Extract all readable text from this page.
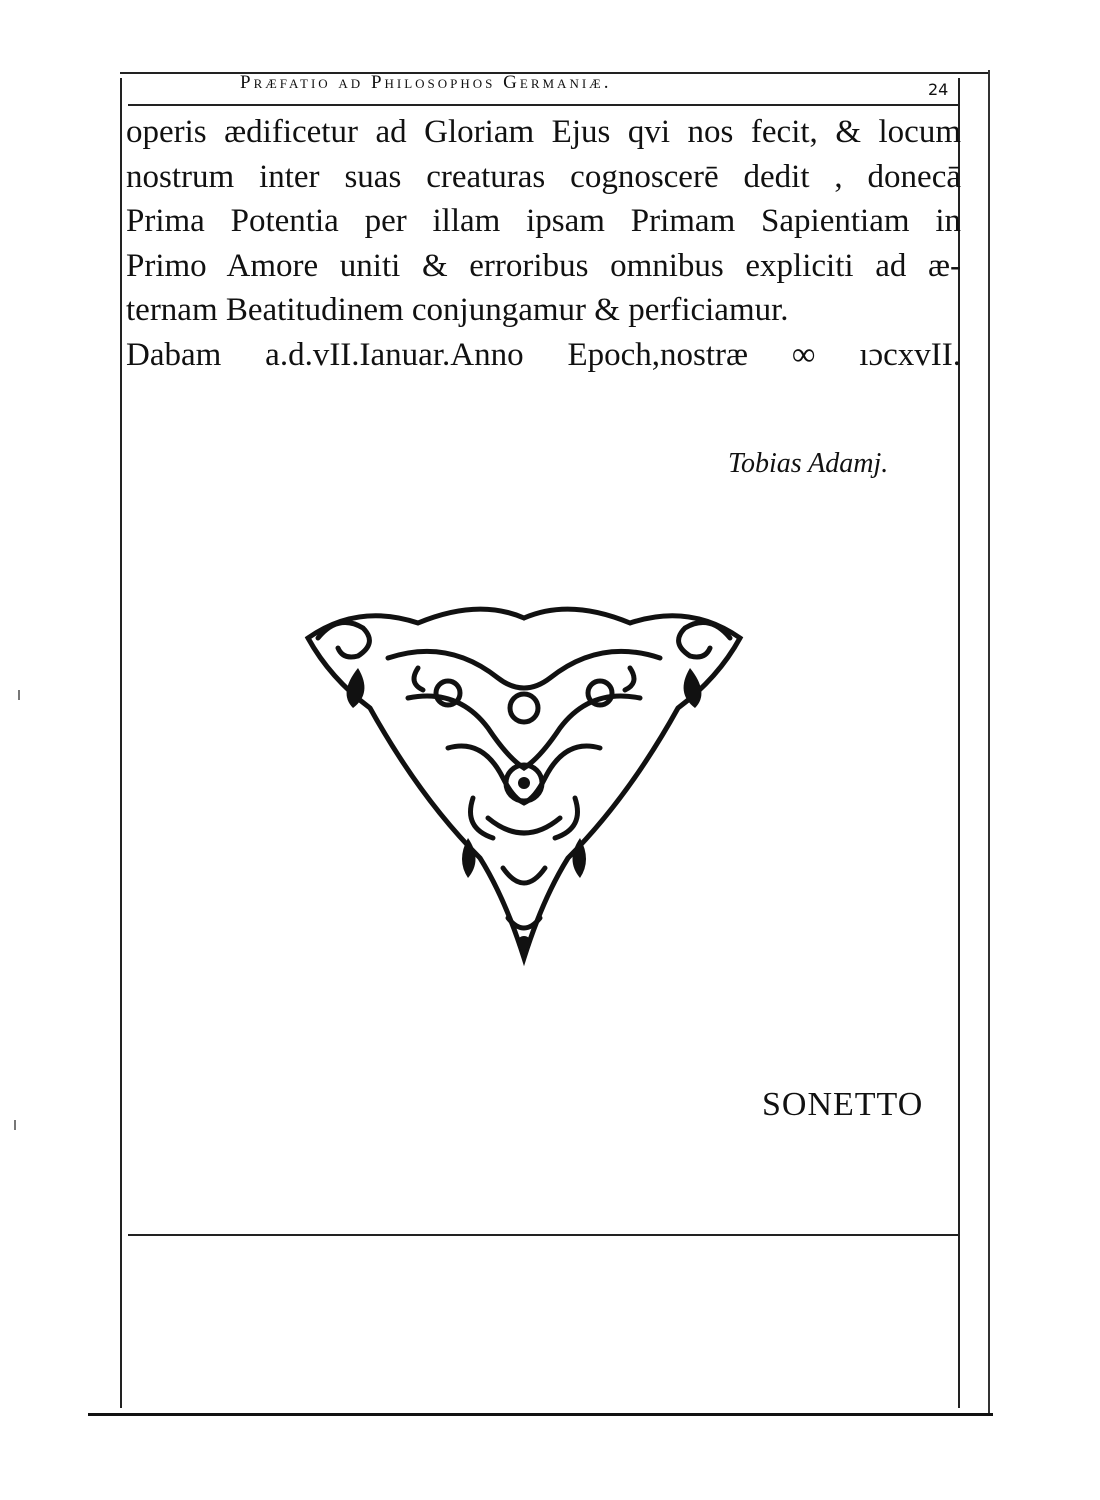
Præfatio ad Philosophos Germaniæ.	24
operis ædificetur ad Gloriam Ejus qvi nos fecit, & locum
nostrum inter suas creaturas cognoscerē dedit , donecā
Prima Potentia per illam ipsam Primam Sapientiam in
Primo Amore uniti & erroribus omnibus expliciti ad æ-
ternam Beatitudinem conjungamur & perficiamur.
Dabam a.d.vII.Ianuar.Anno Epoch,nostræ ∞ ıɔcxvII.
Tobias Adamj.
SONETTO
